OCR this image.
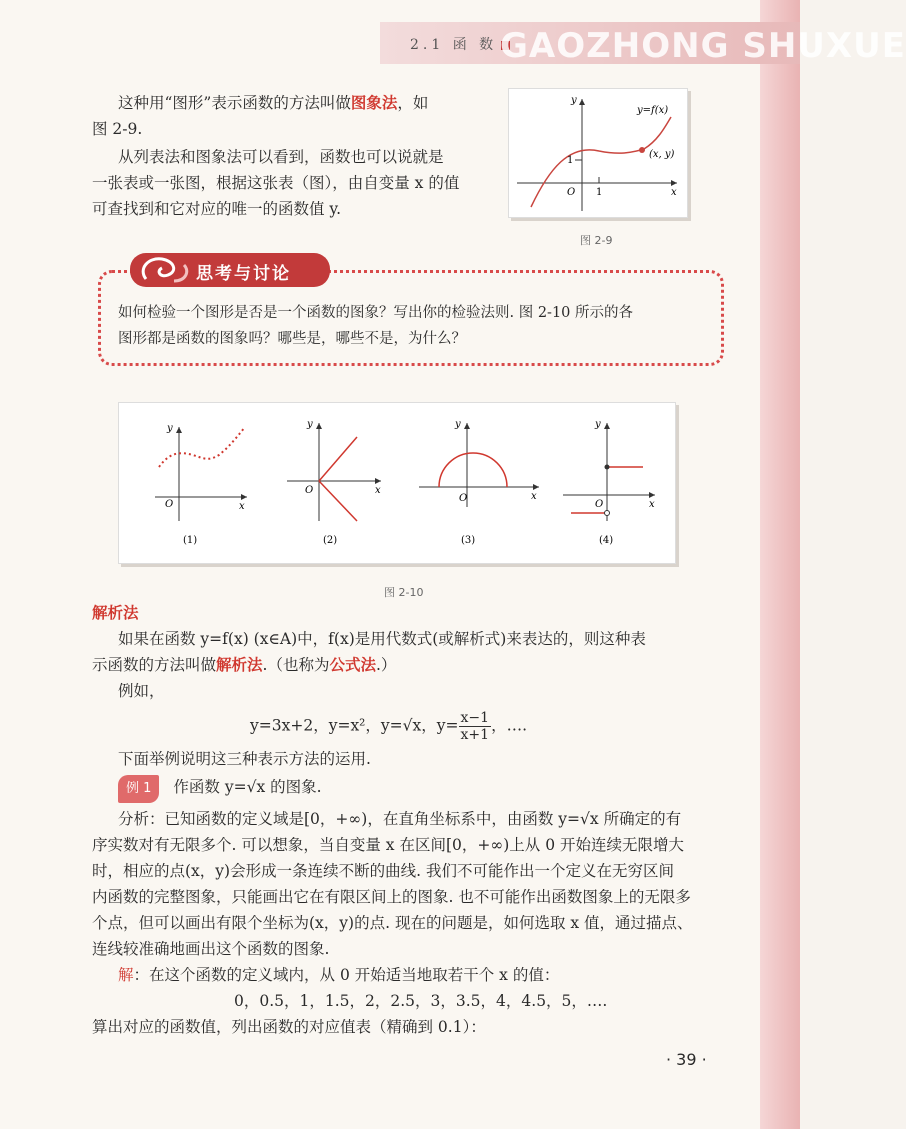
2.1 函 数 GAOZHONG SHUXUE
这种用“图形”表示函数的方法叫做图象法，如
图 2-9.
从列表法和图象法可以看到，函数也可以说就是
一张表或一张图，根据这张表（图），由自变量 x 的值
可查找到和它对应的唯一的函数值 y.
y
x
O
1
1
y=f(x)
(x, y)
图 2-9
思考与讨论
如何检验一个图形是否是一个函数的图象？写出你的检验法则. 图 2-10 所示的各
图形都是函数的图象吗？哪些是，哪些不是，为什么？
y
x
O
(1)
y
x
O
(2)
y
x
O
(3)
y
x
O
(4)
图 2-10
解析法
如果在函数 y=f(x) (x∈A)中，f(x)是用代数式(或解析式)来表达的，则这种表
示函数的方法叫做解析法.（也称为公式法.）
例如，
y=3x+2，y=x²，y=√x，$y= \frac{x-1}{x+1}$，….
下面举例说明这三种表示方法的运用.
例 1 作函数 y=√x 的图象.
分析：已知函数的定义域是[0，+∞)，在直角坐标系中，由函数 y=√x 所确定的有
序实数对有无限多个. 可以想象，当自变量 x 在区间[0，+∞)上从 0 开始连续无限增大
时，相应的点(x，y)会形成一条连续不断的曲线. 我们不可能作出一个定义在无穷区间
内函数的完整图象，只能画出它在有限区间上的图象. 也不可能作出函数图象上的无限多
个点，但可以画出有限个坐标为(x，y)的点. 现在的问题是，如何选取 x 值，通过描点、
连线较准确地画出这个函数的图象.
解：在这个函数的定义域内，从 0 开始适当地取若干个 x 的值：
0，0.5，1，1.5，2，2.5，3，3.5，4，4.5，5，….
算出对应的函数值，列出函数的对应值表（精确到 0.1）：
· 39 ·
